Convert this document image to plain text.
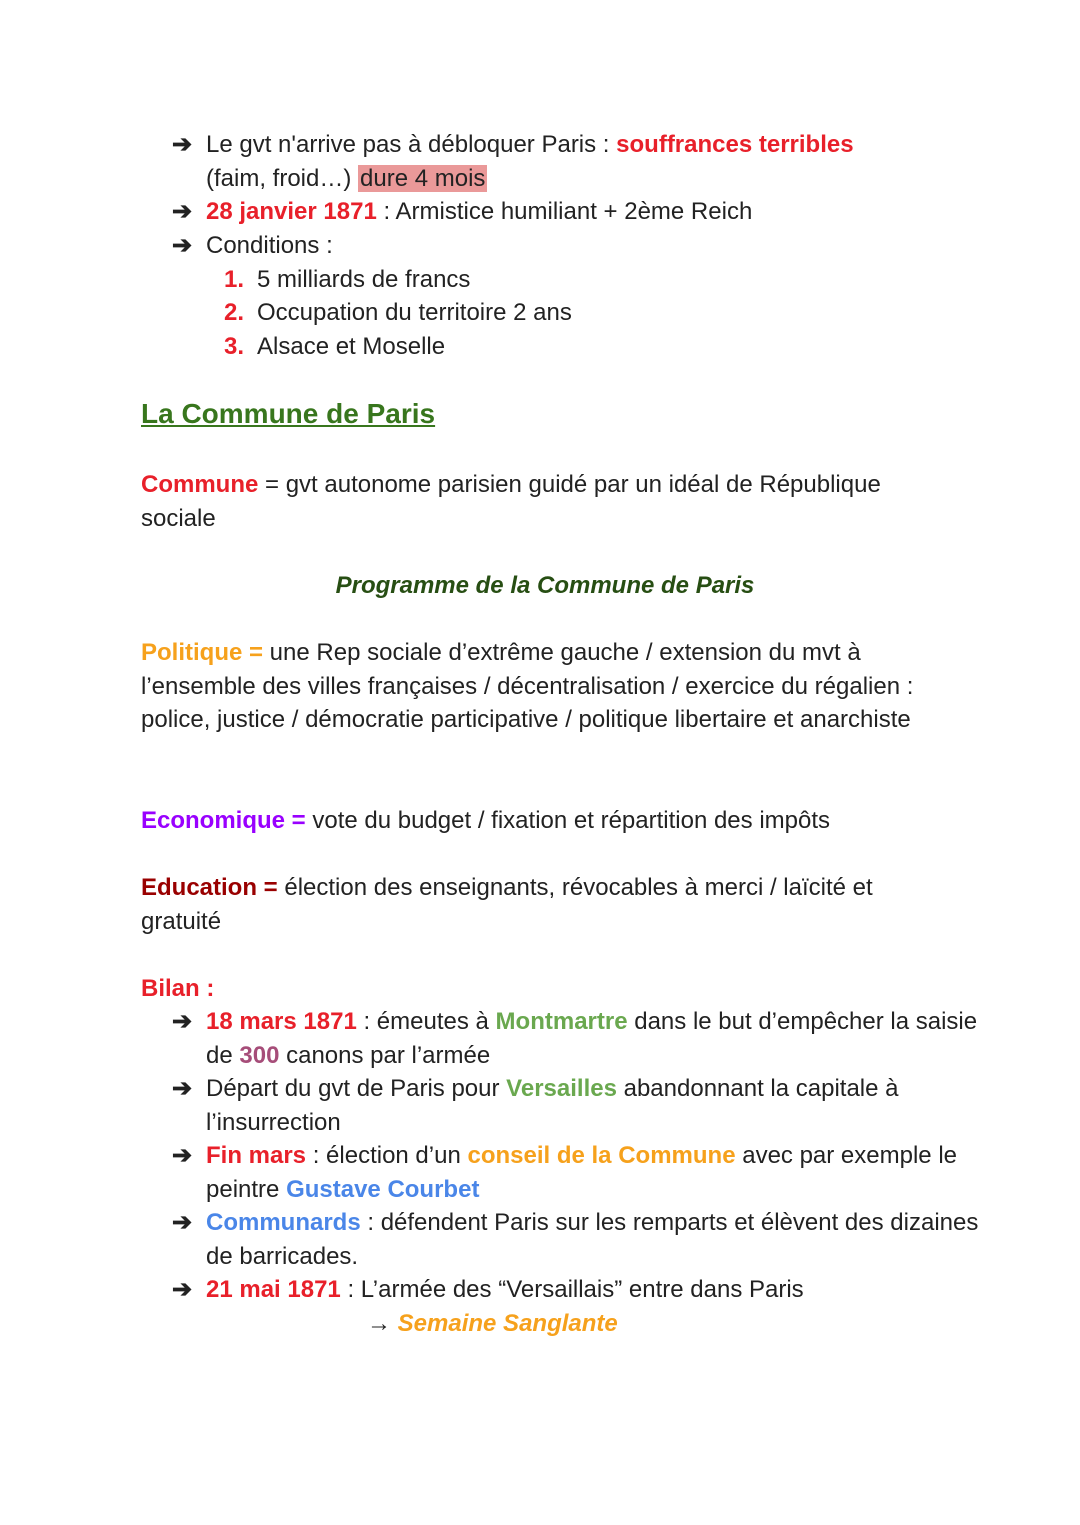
➔ Le gvt n'arrive pas à débloquer Paris : souffrances terribles
(faim, froid…) dure 4 mois
➔ 28 janvier 1871 : Armistice humiliant + 2ème Reich
➔ Conditions :
1. 5 milliards de francs
2. Occupation du territoire 2 ans
3. Alsace et Moselle
La Commune de Paris
Commune = gvt autonome parisien guidé par un idéal de République sociale
Programme de la Commune de Paris
Politique = une Rep sociale d’extrême gauche / extension du mvt à l’ensemble des villes françaises / décentralisation / exercice du régalien : police, justice / démocratie participative / politique libertaire et anarchiste
Economique = vote du budget / fixation et répartition des impôts
Education = élection des enseignants, révocables à merci / laïcité et gratuité
Bilan :
➔ 18 mars 1871 : émeutes à Montmartre dans le but d’empêcher la saisie de 300 canons par l’armée
➔ Départ du gvt de Paris pour Versailles abandonnant la capitale à l’insurrection
➔ Fin mars : élection d’un conseil de la Commune avec par exemple le peintre Gustave Courbet
➔ Communards : défendent Paris sur les remparts et élèvent des dizaines de barricades.
➔ 21 mai 1871 : L’armée des “Versaillais” entre dans Paris
→ Semaine Sanglante
